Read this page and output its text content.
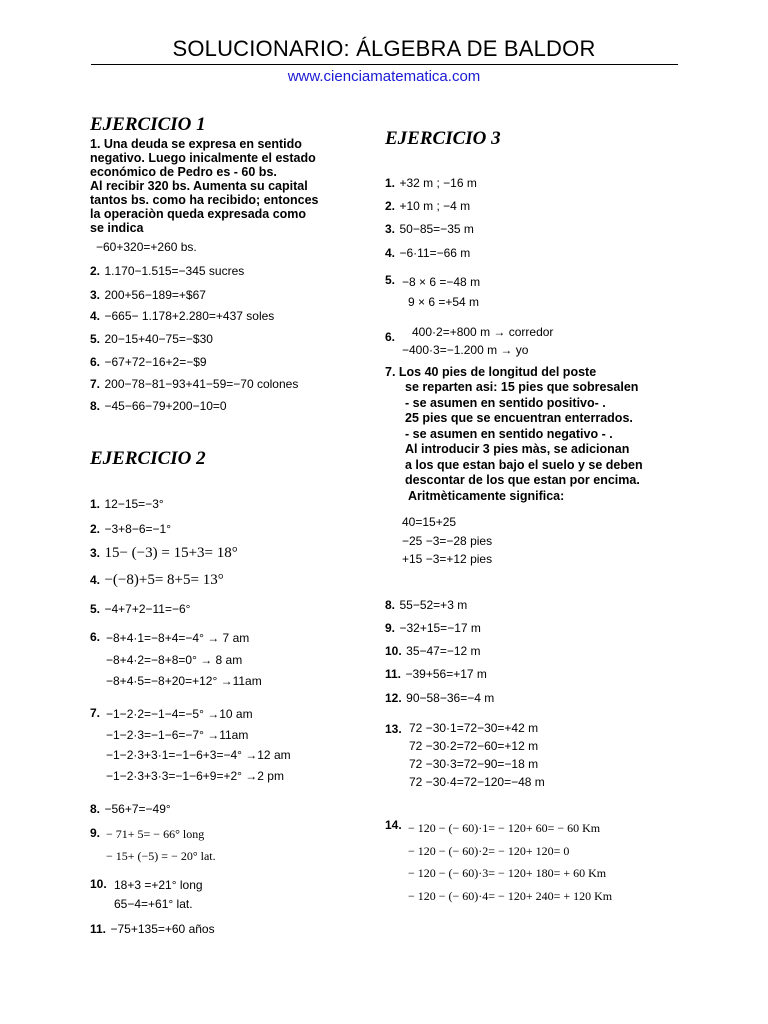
SOLUCIONARIO: ÁLGEBRA DE BALDOR
www.cienciamatematica.com
EJERCICIO 1
1. Una deuda se expresa en sentido
negativo. Luego inicalmente el estado
económico de Pedro es - 60 bs.
Al recibir 320 bs. Aumenta su capital
tantos bs. como ha recibido; entonces
la operaciòn queda expresada como
se indica
−60+320=+260 bs.
2. 1.170−1.515=−345 sucres
3. 200+56−189=+$67
4. −665− 1.178+2.280=+437 soles
5. 20−15+40−75=−$30
6. −67+72−16+2=−$9
7. 200−78−81−93+41−59=−70 colones
8. −45−66−79+200−10=0
EJERCICIO 2
1. 12−15=−3°
2. −3+8−6=−1°
3. 15− (−3) = 15+3= 18°
4. −(−8)+5= 8+5= 13°
5. −4+7+2−11=−6°
6. −8+4·1=−8+4=−4° → 7 am
−8+4·2=−8+8=0° → 8 am
−8+4·5=−8+20=+12° →11am
7. −1−2·2=−1−4=−5° →10 am
−1−2·3=−1−6=−7° →11am
−1−2·3+3·1=−1−6+3=−4° →12 am
−1−2·3+3·3=−1−6+9=+2° →2 pm
8. −56+7=−49°
9. − 71+ 5= − 66° long
− 15+ (−5) = − 20° lat.
10. 18+3 =+21° long
65−4=+61° lat.
11. −75+135=+60 años
EJERCICIO 3
1. +32 m ; −16 m
2. +10 m ; −4 m
3. 50−85=−35 m
4. −6·11=−66 m
5. −8 × 6 =−48 m
9 × 6 =+54 m
6.	400·2=+800 m → corredor
−400·3=−1.200 m → yo
7. Los 40 pies de longitud del poste
se reparten asi: 15 pies que sobresalen
- se asumen en sentido positivo- .
25 pies que se encuentran enterrados.
- se asumen en sentido negativo - .
Al introducir 3 pies màs, se adicionan
a los que estan bajo el suelo y se deben
descontar de los que estan por encima.
Aritmèticamente significa:
40=15+25
−25 −3=−28 pies
+15 −3=+12 pies
8. 55−52=+3 m
9. −32+15=−17 m
10. 35−47=−12 m
11. −39+56=+17 m
12. 90−58−36=−4 m
13. 72 −30·1=72−30=+42 m
72 −30·2=72−60=+12 m
72 −30·3=72−90=−18 m
72 −30·4=72−120=−48 m
14. − 120 − (− 60)·1= − 120+ 60= − 60 Km
− 120 − (− 60)·2= − 120+ 120= 0
− 120 − (− 60)·3= − 120+ 180= + 60 Km
− 120 − (− 60)·4= − 120+ 240= + 120 Km
